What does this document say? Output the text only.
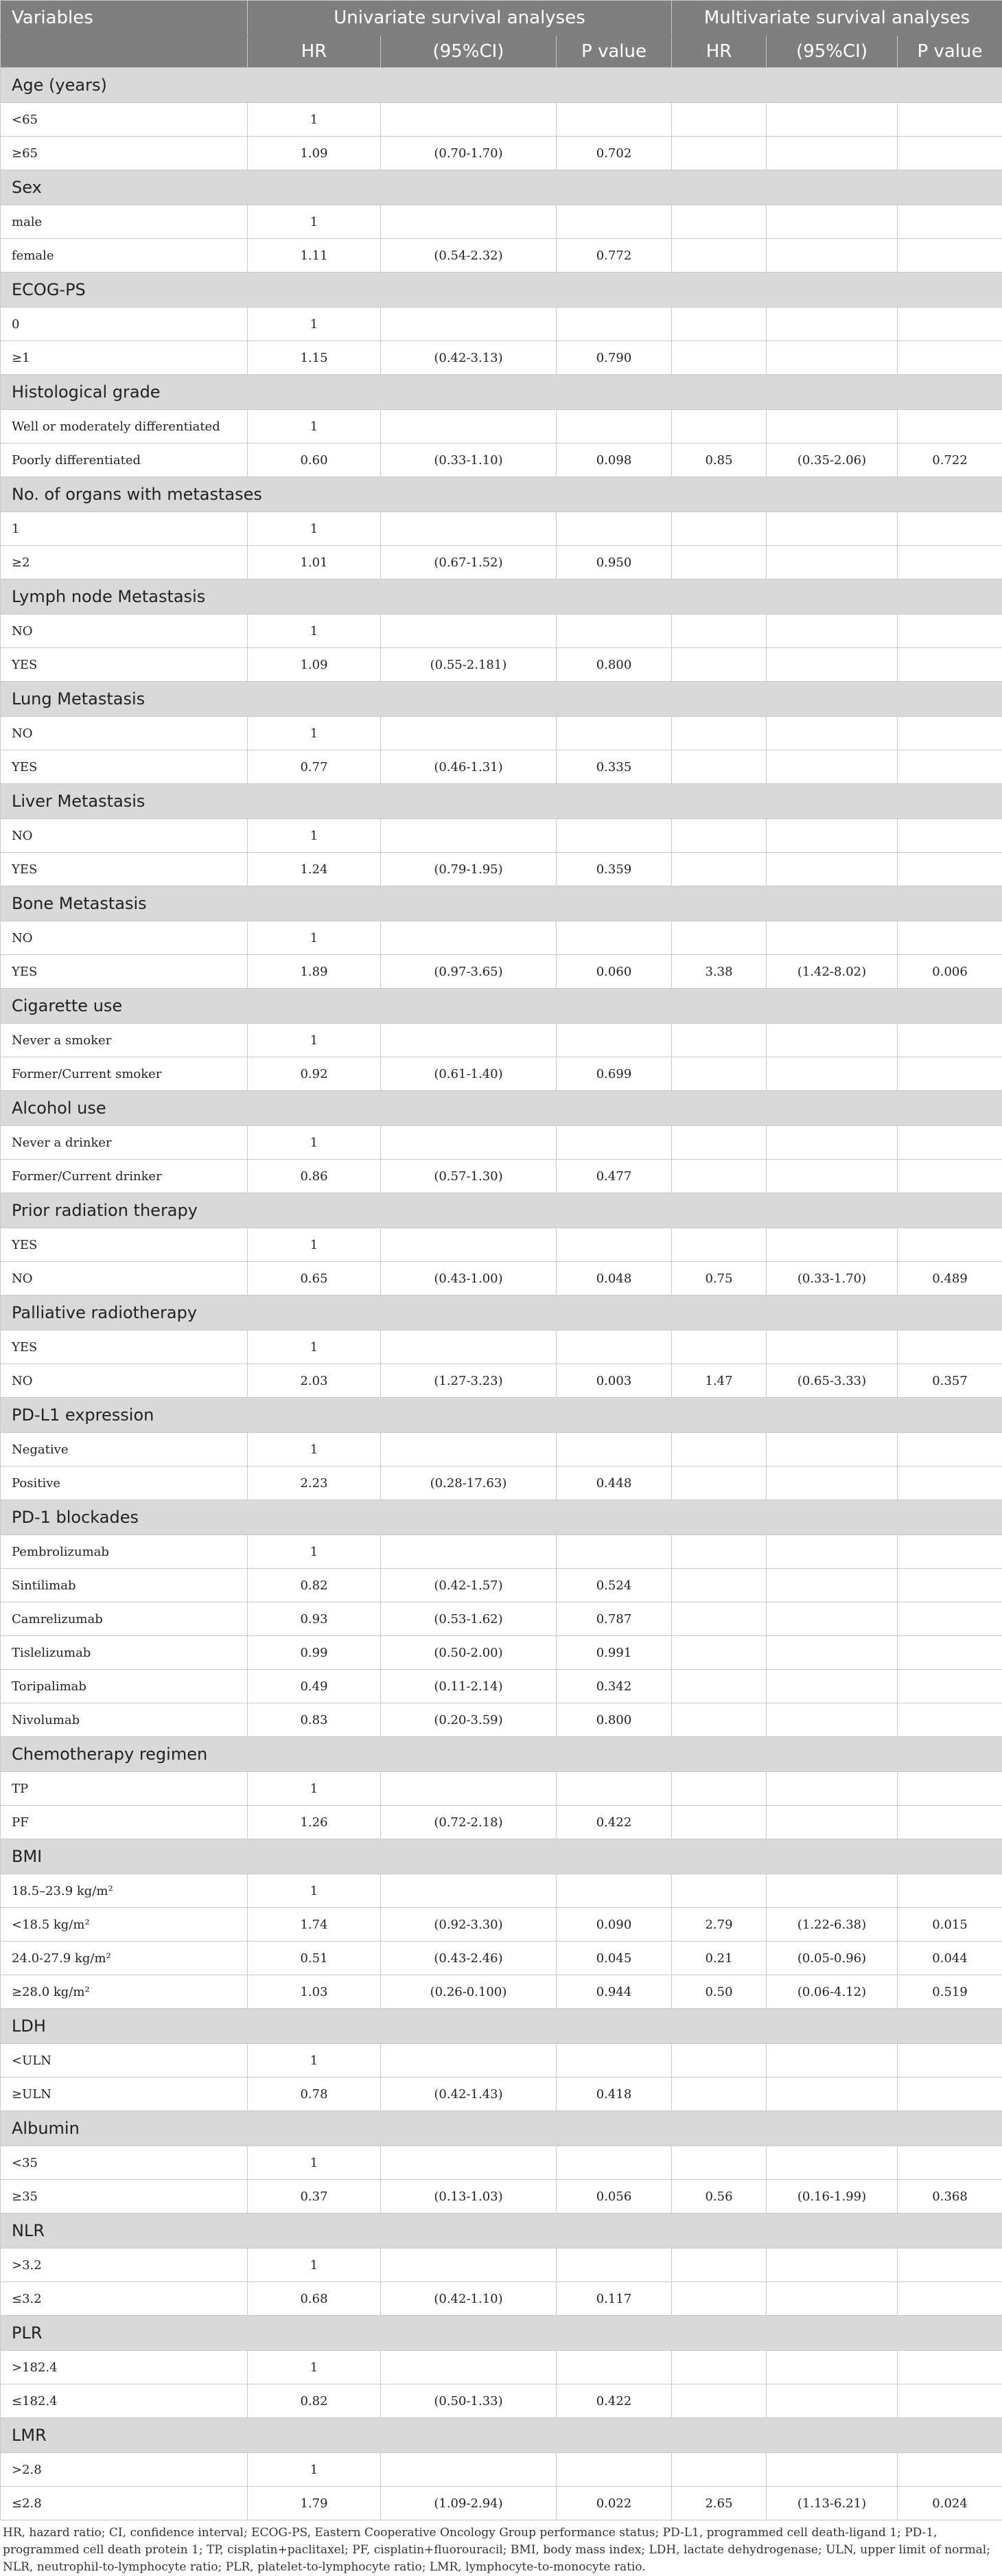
Variables	Univariate survival analyses			Multivariate survival analyses		
	HR	(95%CI)	P value	HR	(95%CI)	P value
Age (years)						
<65	1					
≥65	1.09	(0.70-1.70)	0.702			
Sex						
male	1					
female	1.11	(0.54-2.32)	0.772			
ECOG-PS						
0	1					
≥1	1.15	(0.42-3.13)	0.790			
Histological grade						
Well or moderately differentiated	1					
Poorly differentiated	0.60	(0.33-1.10)	0.098	0.85	(0.35-2.06)	0.722
No. of organs with metastases						
1	1					
≥2	1.01	(0.67-1.52)	0.950			
Lymph node Metastasis						
NO	1					
YES	1.09	(0.55-2.181)	0.800			
Lung Metastasis						
NO	1					
YES	0.77	(0.46-1.31)	0.335			
Liver Metastasis						
NO	1					
YES	1.24	(0.79-1.95)	0.359			
Bone Metastasis						
NO	1					
YES	1.89	(0.97-3.65)	0.060	3.38	(1.42-8.02)	0.006
Cigarette use						
Never a smoker	1					
Former/Current smoker	0.92	(0.61-1.40)	0.699			
Alcohol use						
Never a drinker	1					
Former/Current drinker	0.86	(0.57-1.30)	0.477			
Prior radiation therapy						
YES	1					
NO	0.65	(0.43-1.00)	0.048	0.75	(0.33-1.70)	0.489
Palliative radiotherapy						
YES	1					
NO	2.03	(1.27-3.23)	0.003	1.47	(0.65-3.33)	0.357
PD-L1 expression						
Negative	1					
Positive	2.23	(0.28-17.63)	0.448			
PD-1 blockades						
Pembrolizumab	1					
Sintilimab	0.82	(0.42-1.57)	0.524			
Camrelizumab	0.93	(0.53-1.62)	0.787			
Tislelizumab	0.99	(0.50-2.00)	0.991			
Toripalimab	0.49	(0.11-2.14)	0.342			
Nivolumab	0.83	(0.20-3.59)	0.800			
Chemotherapy regimen						
TP	1					
PF	1.26	(0.72-2.18)	0.422			
BMI						
18.5–23.9 kg/m²	1					
<18.5 kg/m²	1.74	(0.92-3.30)	0.090	2.79	(1.22-6.38)	0.015
24.0-27.9 kg/m²	0.51	(0.43-2.46)	0.045	0.21	(0.05-0.96)	0.044
≥28.0 kg/m²	1.03	(0.26-0.100)	0.944	0.50	(0.06-4.12)	0.519
LDH						
<ULN	1					
≥ULN	0.78	(0.42-1.43)	0.418			
Albumin						
<35	1					
≥35	0.37	(0.13-1.03)	0.056	0.56	(0.16-1.99)	0.368
NLR						
>3.2	1					
≤3.2	0.68	(0.42-1.10)	0.117			
PLR						
>182.4	1					
≤182.4	0.82	(0.50-1.33)	0.422			
LMR						
>2.8	1					
≤2.8	1.79	(1.09-2.94)	0.022	2.65	(1.13-6.21)	0.024
HR, hazard ratio; CI, confidence interval; ECOG-PS, Eastern Cooperative Oncology Group performance status; PD-L1, programmed cell death-ligand 1; PD-1, programmed cell death protein 1; TP, cisplatin+paclitaxel; PF, cisplatin+fluorouracil; BMI, body mass index; LDH, lactate dehydrogenase; ULN, upper limit of normal; NLR, neutrophil-to-lymphocyte ratio; PLR, platelet-to-lymphocyte ratio; LMR, lymphocyte-to-monocyte ratio.
